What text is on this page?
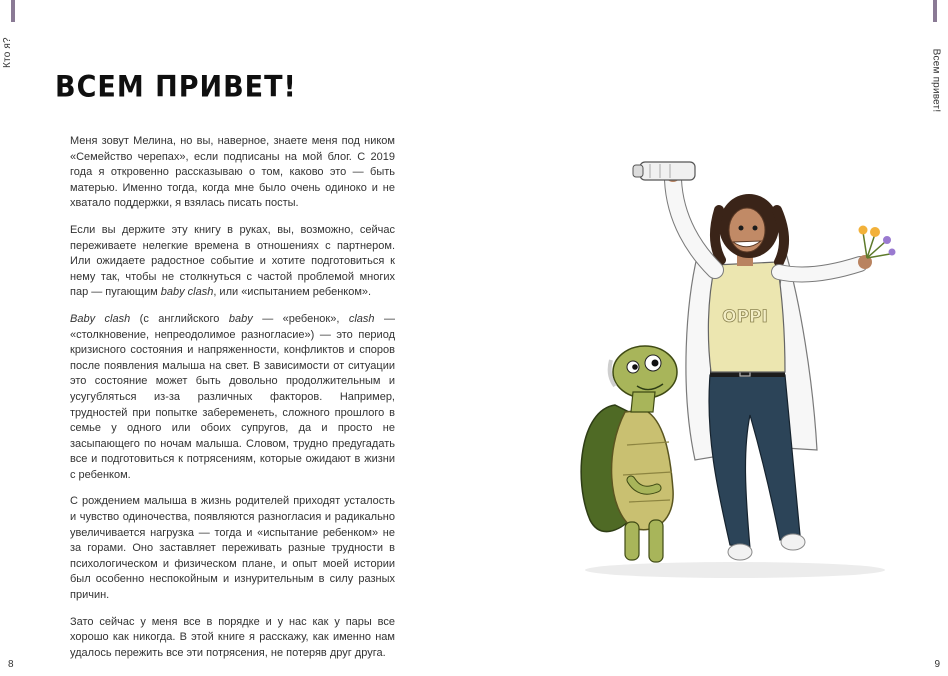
Кто я?	Всем привет!
ВСЕМ ПРИВЕТ!

Меня зовут Мелина, но вы, наверное, знаете меня под ником «Семейство черепах», если подписаны на мой блог. С 2019 года я откровенно рассказываю о том, каково это — быть матерью. Именно тогда, когда мне было очень одиноко и не хватало поддержки, я взялась писать посты.

Если вы держите эту книгу в руках, вы, возможно, сейчас переживаете нелегкие времена в отношениях с партнером. Или ожидаете радостное событие и хотите подготовиться к нему так, чтобы не столкнуться с частой проблемой многих пар — пугающим baby clash, или «испытанием ребенком».

Baby clash (с английского baby — «ребенок», clash — «столкновение, непреодолимое разногласие») — это период кризисного состояния и напряженности, конфликтов и споров после появления малыша на свет. В зависимости от ситуации это состояние может быть довольно продолжительным и усугубляться из-за различных факторов. Например, трудностей при попытке забеременеть, сложного прошлого в семье у одного или обоих супругов, да и просто не засыпающего по ночам малыша. Словом, трудно предугадать все и подготовиться к потрясениям, которые ожидают в жизни с ребенком.

С рождением малыша в жизнь родителей приходят усталость и чувство одиночества, появляются разногласия и радикально увеличивается нагрузка — тогда и «испытание ребенком» не за горами. Оно заставляет переживать разные трудности в психологическом и физическом плане, и опыт моей истории был особенно неспокойным и изнурительным в силу разных причин.

Зато сейчас у меня все в порядке и у нас как у пары все хорошо как никогда. В этой книге я расскажу, как именно нам удалось пережить все эти потрясения, не потеряв друг друга.

OPPI
8	9
